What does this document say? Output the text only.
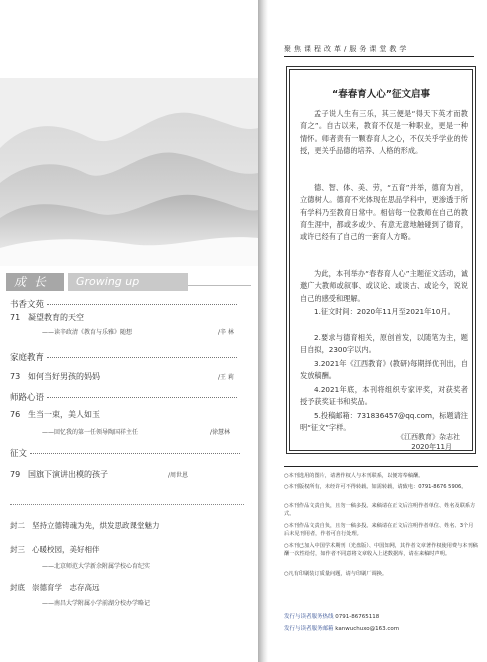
成 长	Growing up
书香文苑
71 凝望教育的天空
——读辛政清《教育与乐雅》随想	/辛 林
家庭教育
73 如何当好男孩的妈妈	/王 莉
师路心语
76 生当一束，美人如玉
——回忆我的第一任领导陶国祥主任	/徐慧林
征文
79 国旗下演讲出模的孩子	/周世恩
封二 坚持立德铸魂为先，烘发思政课堂魅力
封三 心暖校园，美好相伴
——北京师范大学新余附属学校心育纪实
封底 崇德育学　志存高远
——南昌大学附属小学前湖分校办学略记
聚焦课程改革/服务课堂教学
“春春育人心”征文启事

孟子说人生有三乐，其三便是“得天下英才而教育之”。自古以来，教育不仅是一种职业，更是一种情怀。师者责有一颗春育人之心，不仅关乎学业的传授，更关乎品德的培养、人格的形成。

德、智、体、美、劳，“五育”并举，德育为首，立德树人。德育不光体现在思品学科中，更渗透于所有学科乃至教育日常中。相信每一位教师在自己的教育生涯中，都或多或少、有意无意地触碰到了德育，或许已经有了自己的一套育人方略。

为此，本刊举办“春春育人心”主题征文活动，诚邀广大教师或叙事、或议论、或谈古、或论今，说说自己的感受和理解。

1.征文时间：2020年11月至2021年10月。

2.要求与德育相关，原创首发，以随笔为主，题目自拟，2300字以内。

3.2021年《江西教育》(教研)每期择优刊出，自发放稿酬。

4.2021年底，本刊将组织专家评奖，对获奖者授予获奖证书和奖品。

5.投稿邮箱：731836457@qq.com，标题请注明“征文”字样。

《江西教育》杂志社
2020年11月
○本刊选用的图片，请著作权人与本刊联系，以便寄奉稿酬。
○本刊版权所有，未经许可不得转载。如需转载，请致电：0791-8676 5906。
○本刊作品文责自负，且勿一稿多投。来稿请在正文后注明作者单位、姓名及联系方式。
○本刊作品文责自负，且勿一稿多投。来稿请在正文后注明作者单位、姓名、3个月后未见刊用者，作者可自行处理。
○本刊已加入中国学术期刊（光盘版）、中国知网，其作者文章著作权使用费与本刊稿酬一次性给付，如作者不同意将文章收入上述数据库，请在来稿时声明。
○凡有印刷装订质量问题，请与印刷厂调换。
发行与读者服务热线 0791-86765118
发行与读者服务邮箱 kanwuchuxo@163.com
